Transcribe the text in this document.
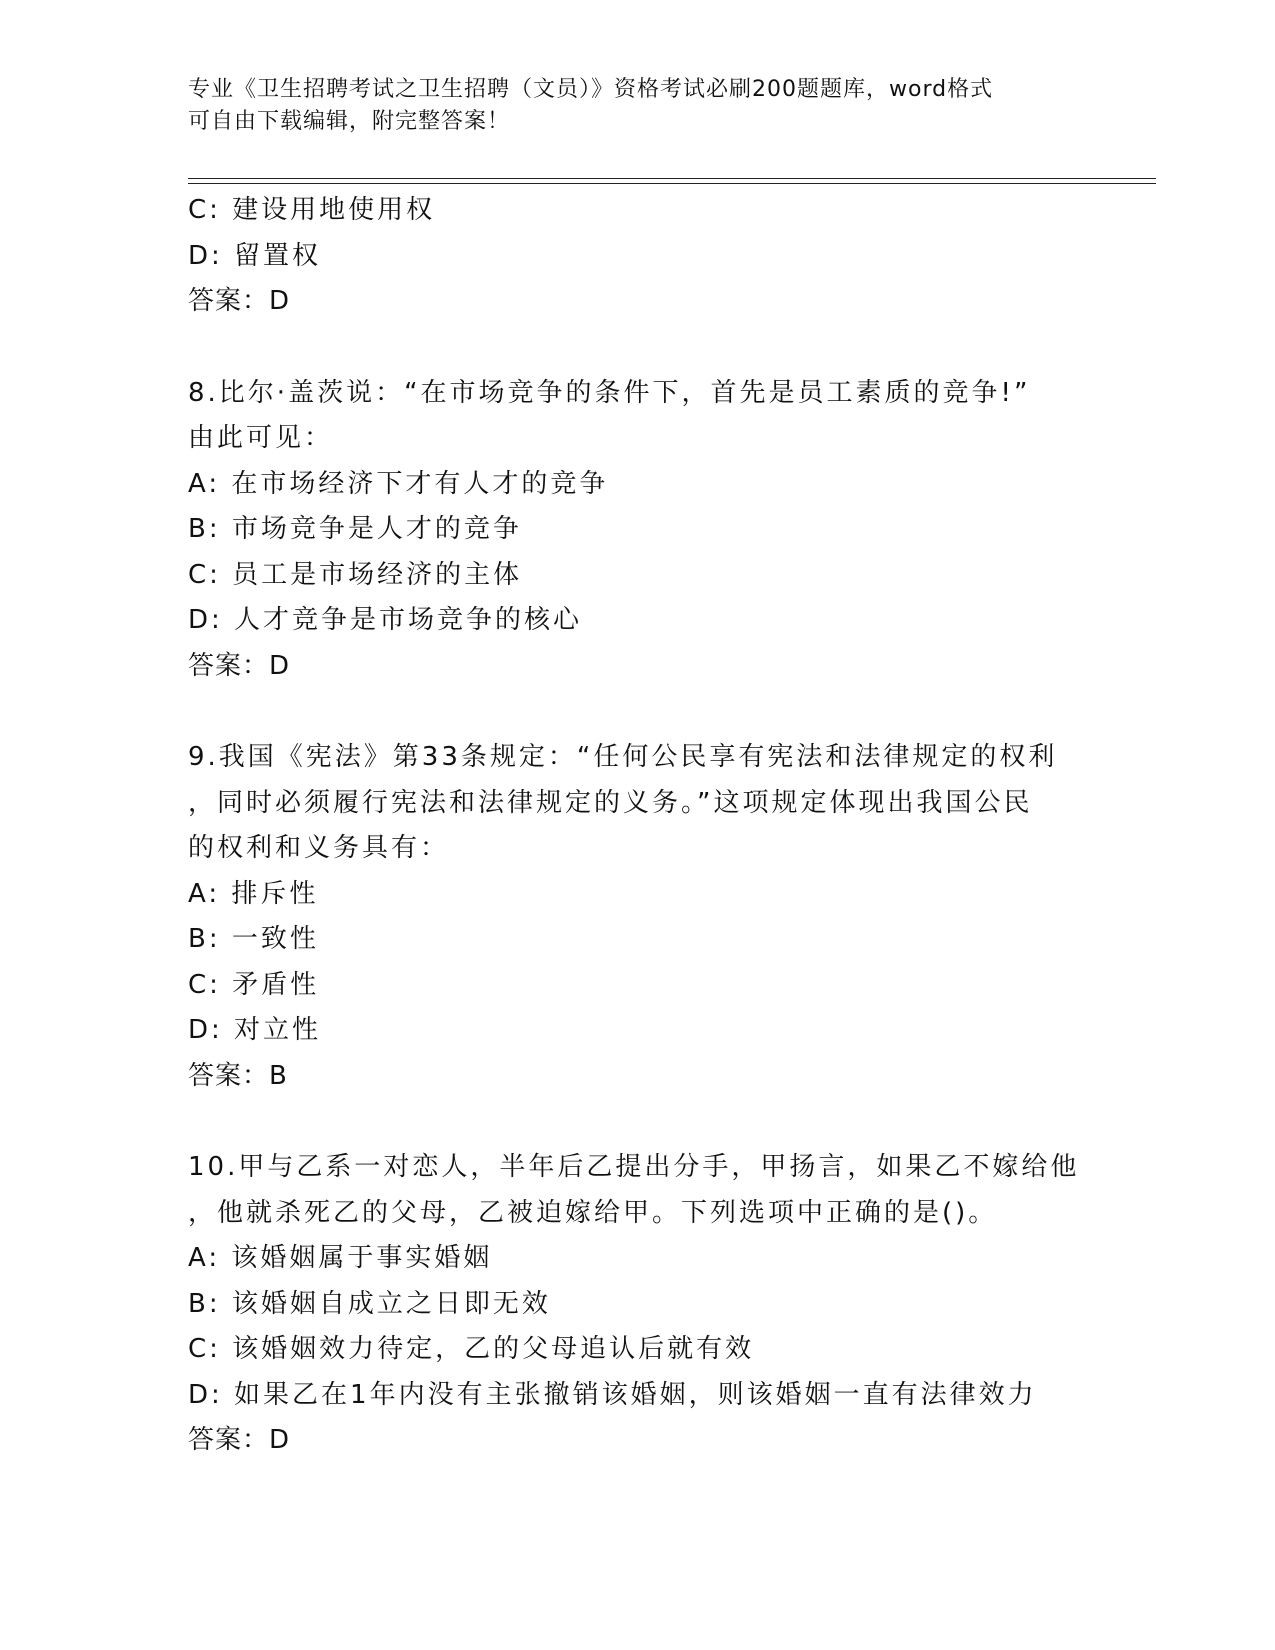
专业《卫生招聘考试之卫生招聘（文员）》资格考试必刷200题题库，word格式
可自由下载编辑，附完整答案！
C: 建设用地使用权
D: 留置权
答案：D
8.比尔·盖茨说：“在市场竞争的条件下，首先是员工素质的竞争!”
由此可见：
A: 在市场经济下才有人才的竞争
B: 市场竞争是人才的竞争
C: 员工是市场经济的主体
D: 人才竞争是市场竞争的核心
答案：D
9.我国《宪法》第33条规定：“任何公民享有宪法和法律规定的权利
，同时必须履行宪法和法律规定的义务。”这项规定体现出我国公民
的权利和义务具有：
A: 排斥性
B: 一致性
C: 矛盾性
D: 对立性
答案：B
10.甲与乙系一对恋人，半年后乙提出分手，甲扬言，如果乙不嫁给他
，他就杀死乙的父母，乙被迫嫁给甲。下列选项中正确的是()。
A: 该婚姻属于事实婚姻
B: 该婚姻自成立之日即无效
C: 该婚姻效力待定，乙的父母追认后就有效
D: 如果乙在1年内没有主张撤销该婚姻，则该婚姻一直有法律效力
答案：D
